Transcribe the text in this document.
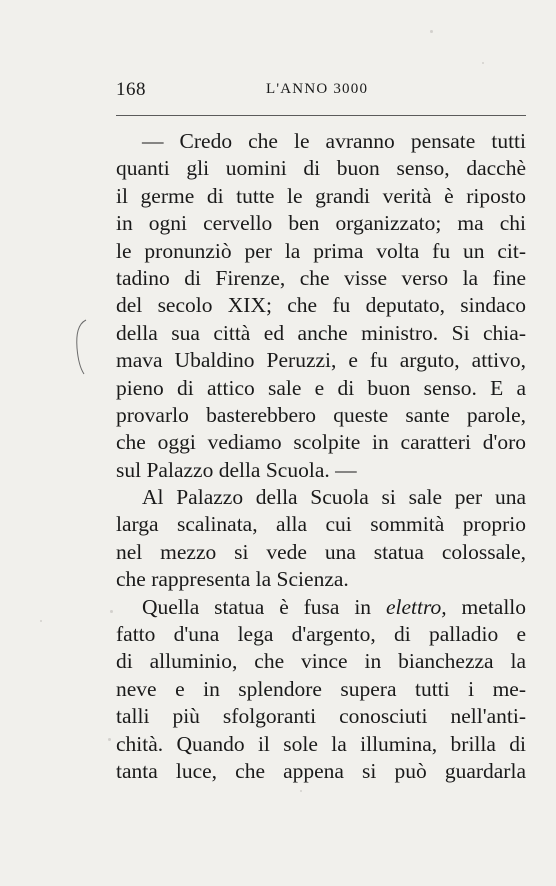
168	L'ANNO 3000
— Credo che le avranno pensate tutti
quanti gli uomini di buon senso, dacchè
il germe di tutte le grandi verità è riposto
in ogni cervello ben organizzato; ma chi
le pronunziò per la prima volta fu un cit-
tadino di Firenze, che visse verso la fine
del secolo XIX; che fu deputato, sindaco
della sua città ed anche ministro. Si chia-
mava Ubaldino Peruzzi, e fu arguto, attivo,
pieno di attico sale e di buon senso. E a
provarlo basterebbero queste sante parole,
che oggi vediamo scolpite in caratteri d'oro
sul Palazzo della Scuola. —
Al Palazzo della Scuola si sale per una
larga scalinata, alla cui sommità proprio
nel mezzo si vede una statua colossale,
che rappresenta la Scienza.
Quella statua è fusa in elettro, metallo
fatto d'una lega d'argento, di palladio e
di alluminio, che vince in bianchezza la
neve e in splendore supera tutti i me-
talli più sfolgoranti conosciuti nell'anti-
chità. Quando il sole la illumina, brilla di
tanta luce, che appena si può guardarla
